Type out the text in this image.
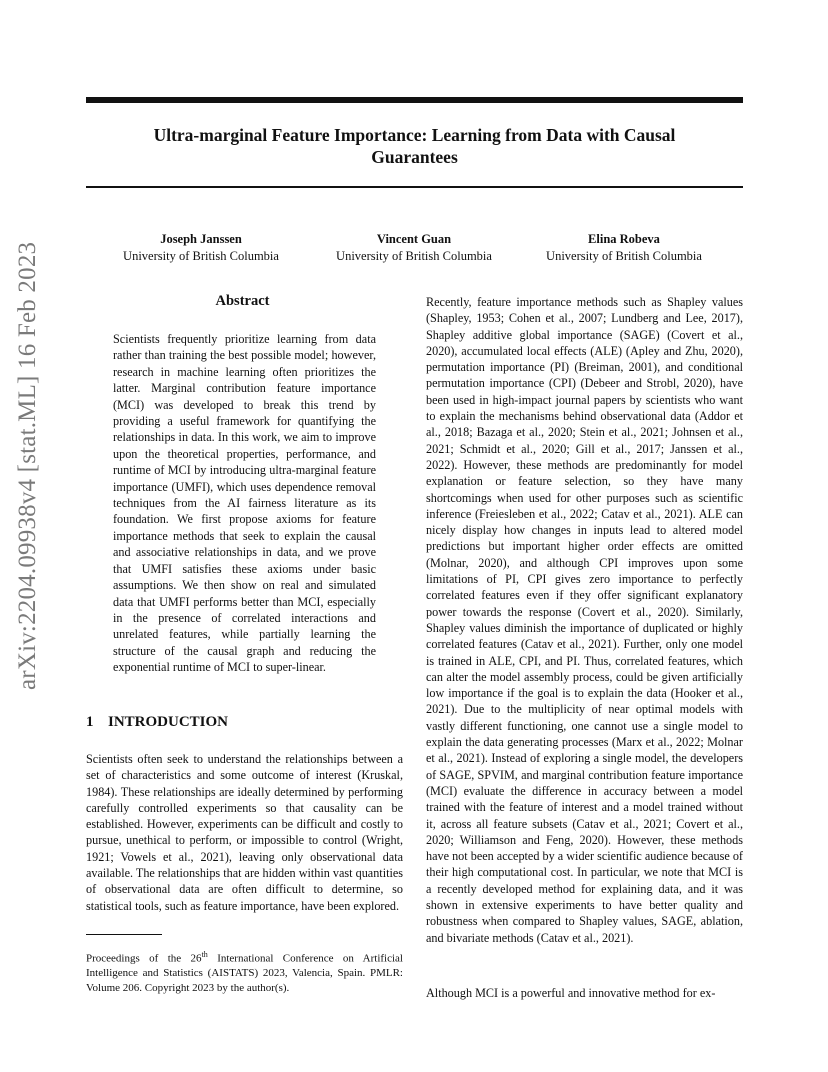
Ultra-marginal Feature Importance: Learning from Data with Causal
Guarantees
Joseph Janssen
University of British Columbia
Vincent Guan
University of British Columbia
Elina Robeva
University of British Columbia
arXiv:2204.09938v4 [stat.ML] 16 Feb 2023	Abstract
Scientists frequently prioritize learning from data rather than training the best possible model; however, research in machine learning often prioritizes the latter. Marginal contribution feature importance (MCI) was developed to break this trend by providing a useful framework for quantifying the relationships in data. In this work, we aim to improve upon the theoretical properties, performance, and runtime of MCI by introducing ultra-marginal feature importance (UMFI), which uses dependence removal techniques from the AI fairness literature as its foundation. We first propose axioms for feature importance methods that seek to explain the causal and associative relationships in data, and we prove that UMFI satisfies these axioms under basic assumptions. We then show on real and simulated data that UMFI performs better than MCI, especially in the presence of correlated interactions and unrelated features, while partially learning the structure of the causal graph and reducing the exponential runtime of MCI to super-linear.
1 INTRODUCTION
Scientists often seek to understand the relationships between a set of characteristics and some outcome of interest (Kruskal, 1984). These relationships are ideally determined by performing carefully controlled experiments so that causality can be established. However, experiments can be difficult and costly to pursue, unethical to perform, or impossible to control (Wright, 1921; Vowels et al., 2021), leaving only observational data available. The relationships that are hidden within vast quantities of observational data are often difficult to determine, so statistical tools, such as feature importance, have been explored.
Proceedings of the 26th International Conference on Artificial Intelligence and Statistics (AISTATS) 2023, Valencia, Spain. PMLR: Volume 206. Copyright 2023 by the author(s).
Recently, feature importance methods such as Shapley values (Shapley, 1953; Cohen et al., 2007; Lundberg and Lee, 2017), Shapley additive global importance (SAGE) (Covert et al., 2020), accumulated local effects (ALE) (Apley and Zhu, 2020), permutation importance (PI) (Breiman, 2001), and conditional permutation importance (CPI) (Debeer and Strobl, 2020), have been used in high-impact journal papers by scientists who want to explain the mechanisms behind observational data (Addor et al., 2018; Bazaga et al., 2020; Stein et al., 2021; Johnsen et al., 2021; Schmidt et al., 2020; Gill et al., 2017; Janssen et al., 2022). However, these methods are predominantly for model explanation or feature selection, so they have many shortcomings when used for other purposes such as scientific inference (Freiesleben et al., 2022; Catav et al., 2021). ALE can nicely display how changes in inputs lead to altered model predictions but important higher order effects are omitted (Molnar, 2020), and although CPI improves upon some limitations of PI, CPI gives zero importance to perfectly correlated features even if they offer significant explanatory power towards the response (Covert et al., 2020). Similarly, Shapley values diminish the importance of duplicated or highly correlated features (Catav et al., 2021). Further, only one model is trained in ALE, CPI, and PI. Thus, correlated features, which can alter the model assembly process, could be given artificially low importance if the goal is to explain the data (Hooker et al., 2021). Due to the multiplicity of near optimal models with vastly different functioning, one cannot use a single model to explain the data generating processes (Marx et al., 2022; Molnar et al., 2021). Instead of exploring a single model, the developers of SAGE, SPVIM, and marginal contribution feature importance (MCI) evaluate the difference in accuracy between a model trained with the feature of interest and a model trained without it, across all feature subsets (Catav et al., 2021; Covert et al., 2020; Williamson and Feng, 2020). However, these methods have not been accepted by a wider scientific audience because of their high computational cost. In particular, we note that MCI is a recently developed method for explaining data, and it was shown in extensive experiments to have better quality and robustness when compared to Shapley values, SAGE, ablation, and bivariate methods (Catav et al., 2021).
Although MCI is a powerful and innovative method for ex-
